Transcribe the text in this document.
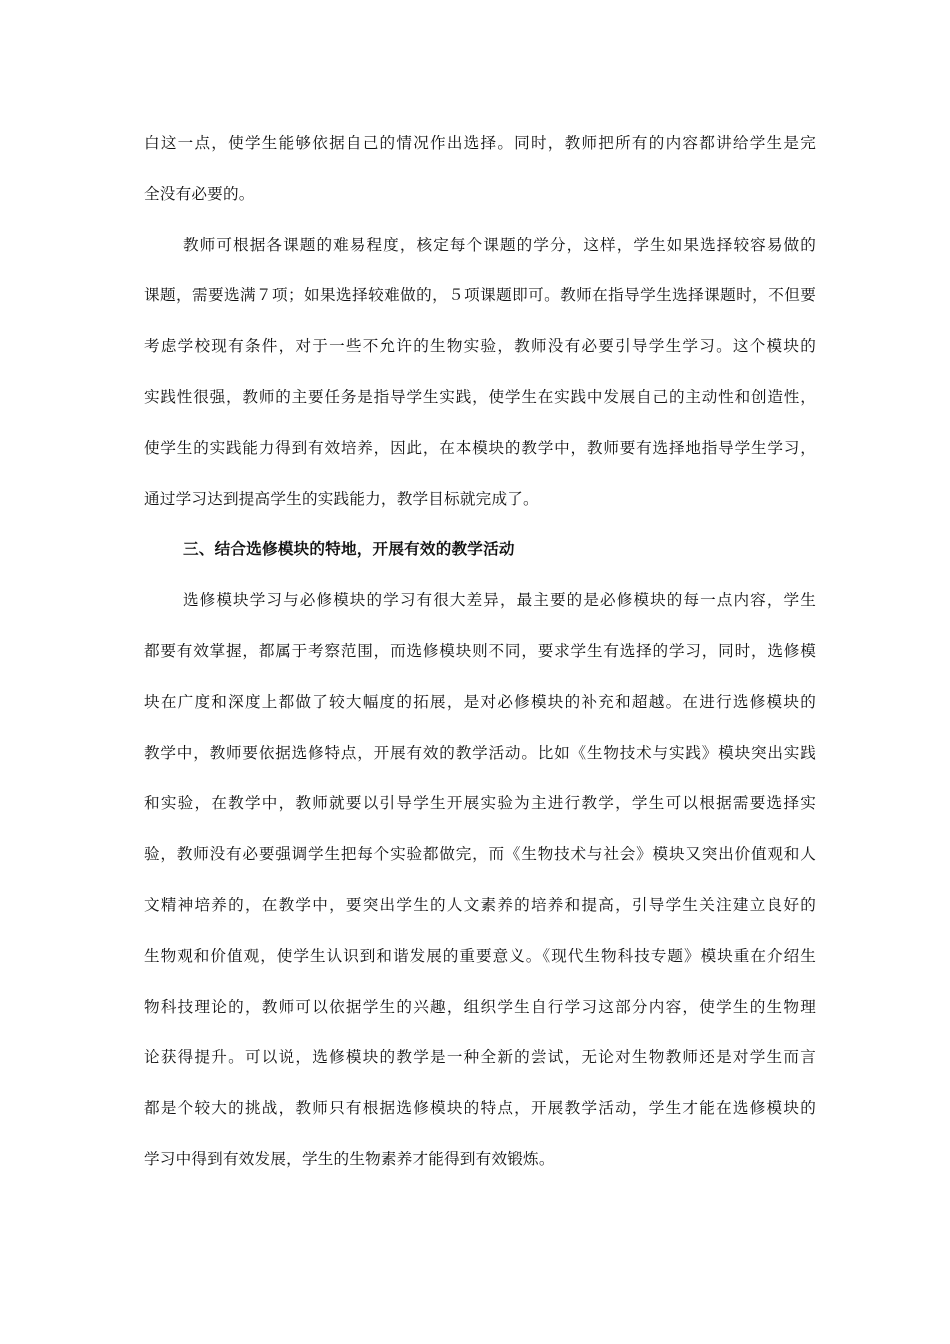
白这一点，使学生能够依据自己的情况作出选择。同时，教师把所有的内容都讲给学生是完
全没有必要的。
教师可根据各课题的难易程度，核定每个课题的学分，这样，学生如果选择较容易做的
课题，需要选满７项；如果选择较难做的，５项课题即可。教师在指导学生选择课题时，不但要
考虑学校现有条件，对于一些不允许的生物实验，教师没有必要引导学生学习。这个模块的
实践性很强，教师的主要任务是指导学生实践，使学生在实践中发展自己的主动性和创造性，
使学生的实践能力得到有效培养，因此，在本模块的教学中，教师要有选择地指导学生学习，
通过学习达到提高学生的实践能力，教学目标就完成了。
三、结合选修模块的特地，开展有效的教学活动
选修模块学习与必修模块的学习有很大差异，最主要的是必修模块的每一点内容，学生
都要有效掌握，都属于考察范围，而选修模块则不同，要求学生有选择的学习，同时，选修模
块在广度和深度上都做了较大幅度的拓展，是对必修模块的补充和超越。在进行选修模块的
教学中，教师要依据选修特点，开展有效的教学活动。比如《生物技术与实践》模块突出实践
和实验，在教学中，教师就要以引导学生开展实验为主进行教学，学生可以根据需要选择实
验，教师没有必要强调学生把每个实验都做完，而《生物技术与社会》模块又突出价值观和人
文精神培养的，在教学中，要突出学生的人文素养的培养和提高，引导学生关注建立良好的
生物观和价值观，使学生认识到和谐发展的重要意义。《现代生物科技专题》模块重在介绍生
物科技理论的，教师可以依据学生的兴趣，组织学生自行学习这部分内容，使学生的生物理
论获得提升。可以说，选修模块的教学是一种全新的尝试，无论对生物教师还是对学生而言
都是个较大的挑战，教师只有根据选修模块的特点，开展教学活动，学生才能在选修模块的
学习中得到有效发展，学生的生物素养才能得到有效锻炼。
